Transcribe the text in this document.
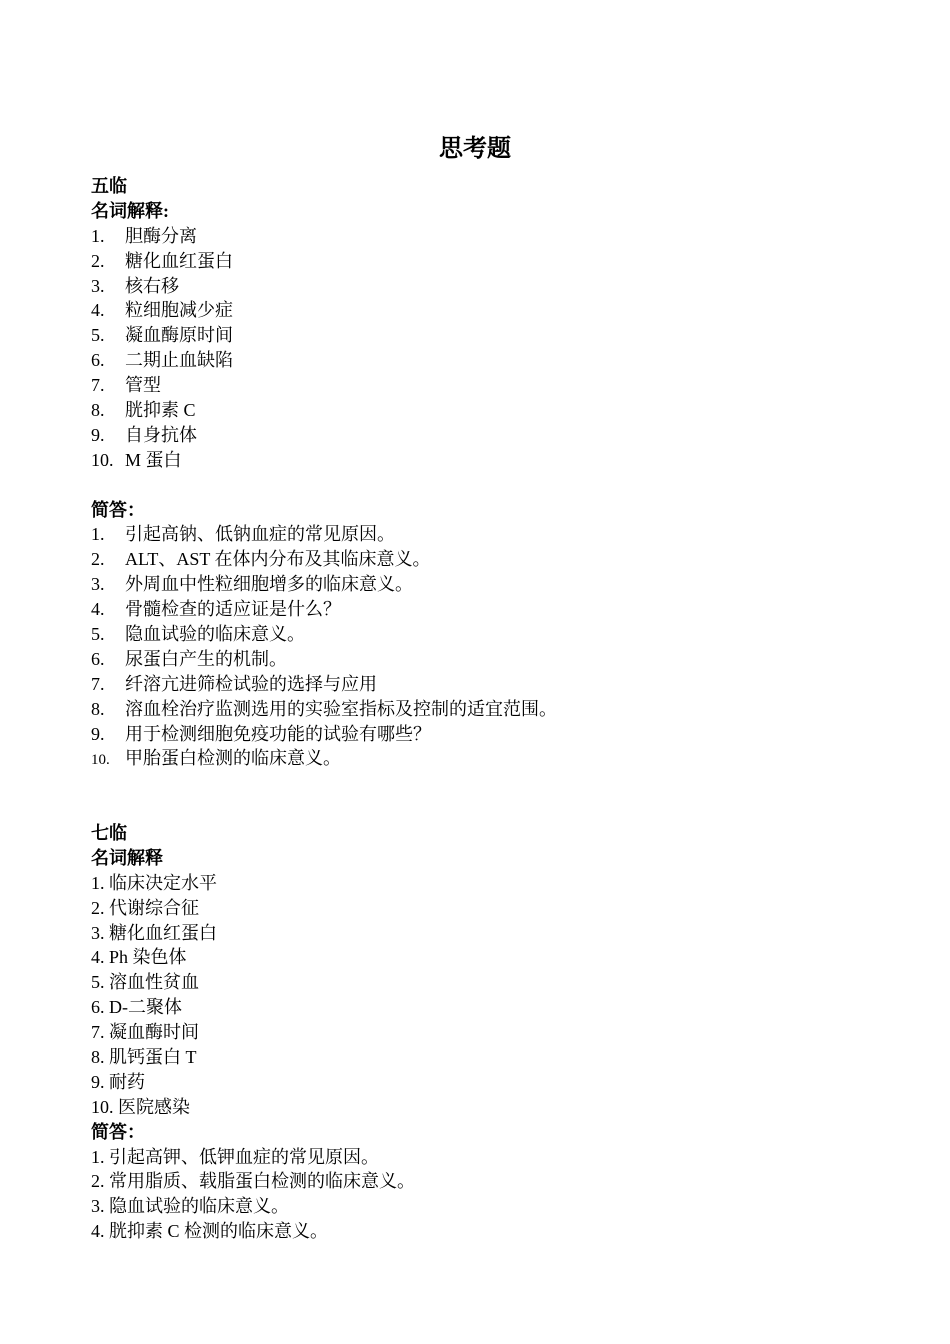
思考题
五临
名词解释:
1. 胆酶分离
2. 糖化血红蛋白
3. 核右移
4. 粒细胞减少症
5. 凝血酶原时间
6. 二期止血缺陷
7. 管型
8. 胱抑素 C
9. 自身抗体
10. M 蛋白
简答：
1. 引起高钠、低钠血症的常见原因。
2. ALT、AST 在体内分布及其临床意义。
3. 外周血中性粒细胞增多的临床意义。
4. 骨髓检查的适应证是什么？
5. 隐血试验的临床意义。
6. 尿蛋白产生的机制。
7. 纤溶亢进筛检试验的选择与应用
8. 溶血栓治疗监测选用的实验室指标及控制的适宜范围。
9. 用于检测细胞免疫功能的试验有哪些？
10. 甲胎蛋白检测的临床意义。
七临
名词解释
1. 临床决定水平
2. 代谢综合征
3. 糖化血红蛋白
4. Ph 染色体
5. 溶血性贫血
6. D-二聚体
7. 凝血酶时间
8. 肌钙蛋白 T
9. 耐药
10. 医院感染
简答：
1. 引起高钾、低钾血症的常见原因。
2. 常用脂质、载脂蛋白检测的临床意义。
3. 隐血试验的临床意义。
4. 胱抑素 C 检测的临床意义。
